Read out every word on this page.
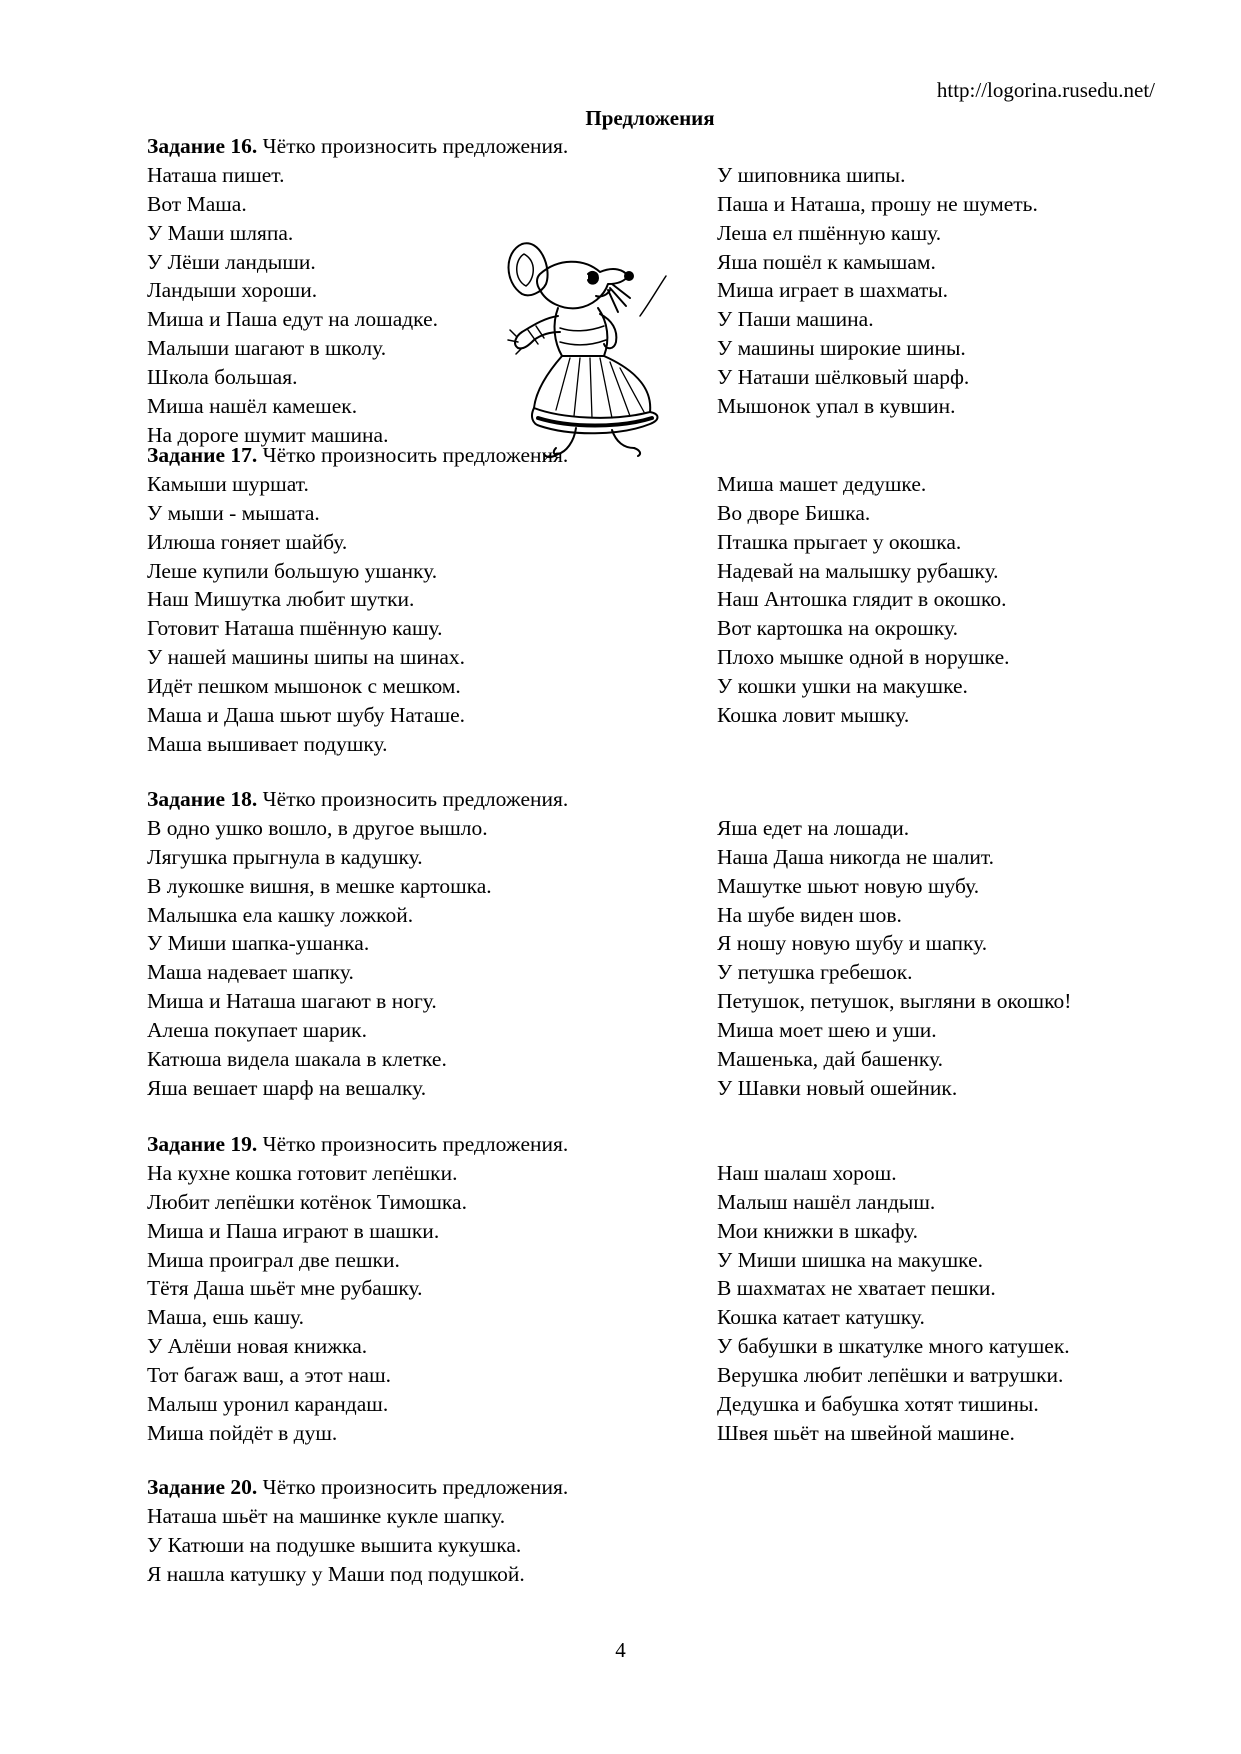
http://logorina.rusedu.net/
Предложения
Задание 16. Чётко произносить предложения.
Наташа пишет.
Вот Маша.
У Маши шляпа.
У Лёши ландыши.
Ландыши хороши.
Миша и Паша едут на лошадке.
Малыши шагают в школу.
Школа большая.
Миша нашёл камешек.
На дороге шумит машина.
У шиповника шипы.
Паша и Наташа, прошу не шуметь.
Леша ел пшённую кашу.
Яша пошёл к камышам.
Миша играет в шахматы.
У Паши машина.
У машины широкие шины.
У Наташи шёлковый шарф.
Мышонок упал в кувшин.
Задание 17. Чётко произносить предложения.
Камыши шуршат.
У мыши - мышата.
Илюша гоняет шайбу.
Леше купили большую ушанку.
Наш Мишутка любит шутки.
Готовит Наташа пшённую кашу.
У нашей машины шипы на шинах.
Идёт пешком мышонок с мешком.
Маша и Даша шьют шубу Наташе.
Маша вышивает подушку.
Миша машет дедушке.
Во дворе Бишка.
Пташка прыгает у окошка.
Надевай на малышку рубашку.
Наш Антошка глядит в окошко.
Вот картошка на окрошку.
Плохо мышке одной в норушке.
У кошки ушки на макушке.
Кошка ловит мышку.
Задание 18. Чётко произносить предложения.
В одно ушко вошло, в другое вышло.
Лягушка прыгнула в кадушку.
В лукошке вишня, в мешке картошка.
Малышка ела кашку ложкой.
У Миши шапка-ушанка.
Маша надевает шапку.
Миша и Наташа шагают в ногу.
Алеша покупает шарик.
Катюша видела шакала в клетке.
Яша вешает шарф на вешалку.
Яша едет на лошади.
Наша Даша никогда не шалит.
Машутке шьют новую шубу.
На шубе виден шов.
Я ношу новую шубу и шапку.
У петушка гребешок.
Петушок, петушок, выгляни в окошко!
Миша моет шею и уши.
Машенька, дай башенку.
У Шавки новый ошейник.
Задание 19. Чётко произносить предложения.
На кухне кошка готовит лепёшки.
Любит лепёшки котёнок Тимошка.
Миша и Паша играют в шашки.
Миша проиграл две пешки.
Тётя Даша шьёт мне рубашку.
Маша, ешь кашу.
У Алёши новая книжка.
Тот багаж ваш, а этот наш.
Малыш уронил карандаш.
Миша пойдёт в душ.
Наш шалаш хорош.
Малыш нашёл ландыш.
Мои книжки в шкафу.
У Миши шишка на макушке.
В шахматах не хватает пешки.
Кошка катает катушку.
У бабушки в шкатулке много катушек.
Верушка любит лепёшки и ватрушки.
Дедушка и бабушка хотят тишины.
Швея шьёт на швейной машине.
Задание 20. Чётко произносить предложения.
Наташа шьёт на машинке кукле шапку.
У Катюши на подушке вышита кукушка.
Я нашла катушку у Маши под подушкой.
4
